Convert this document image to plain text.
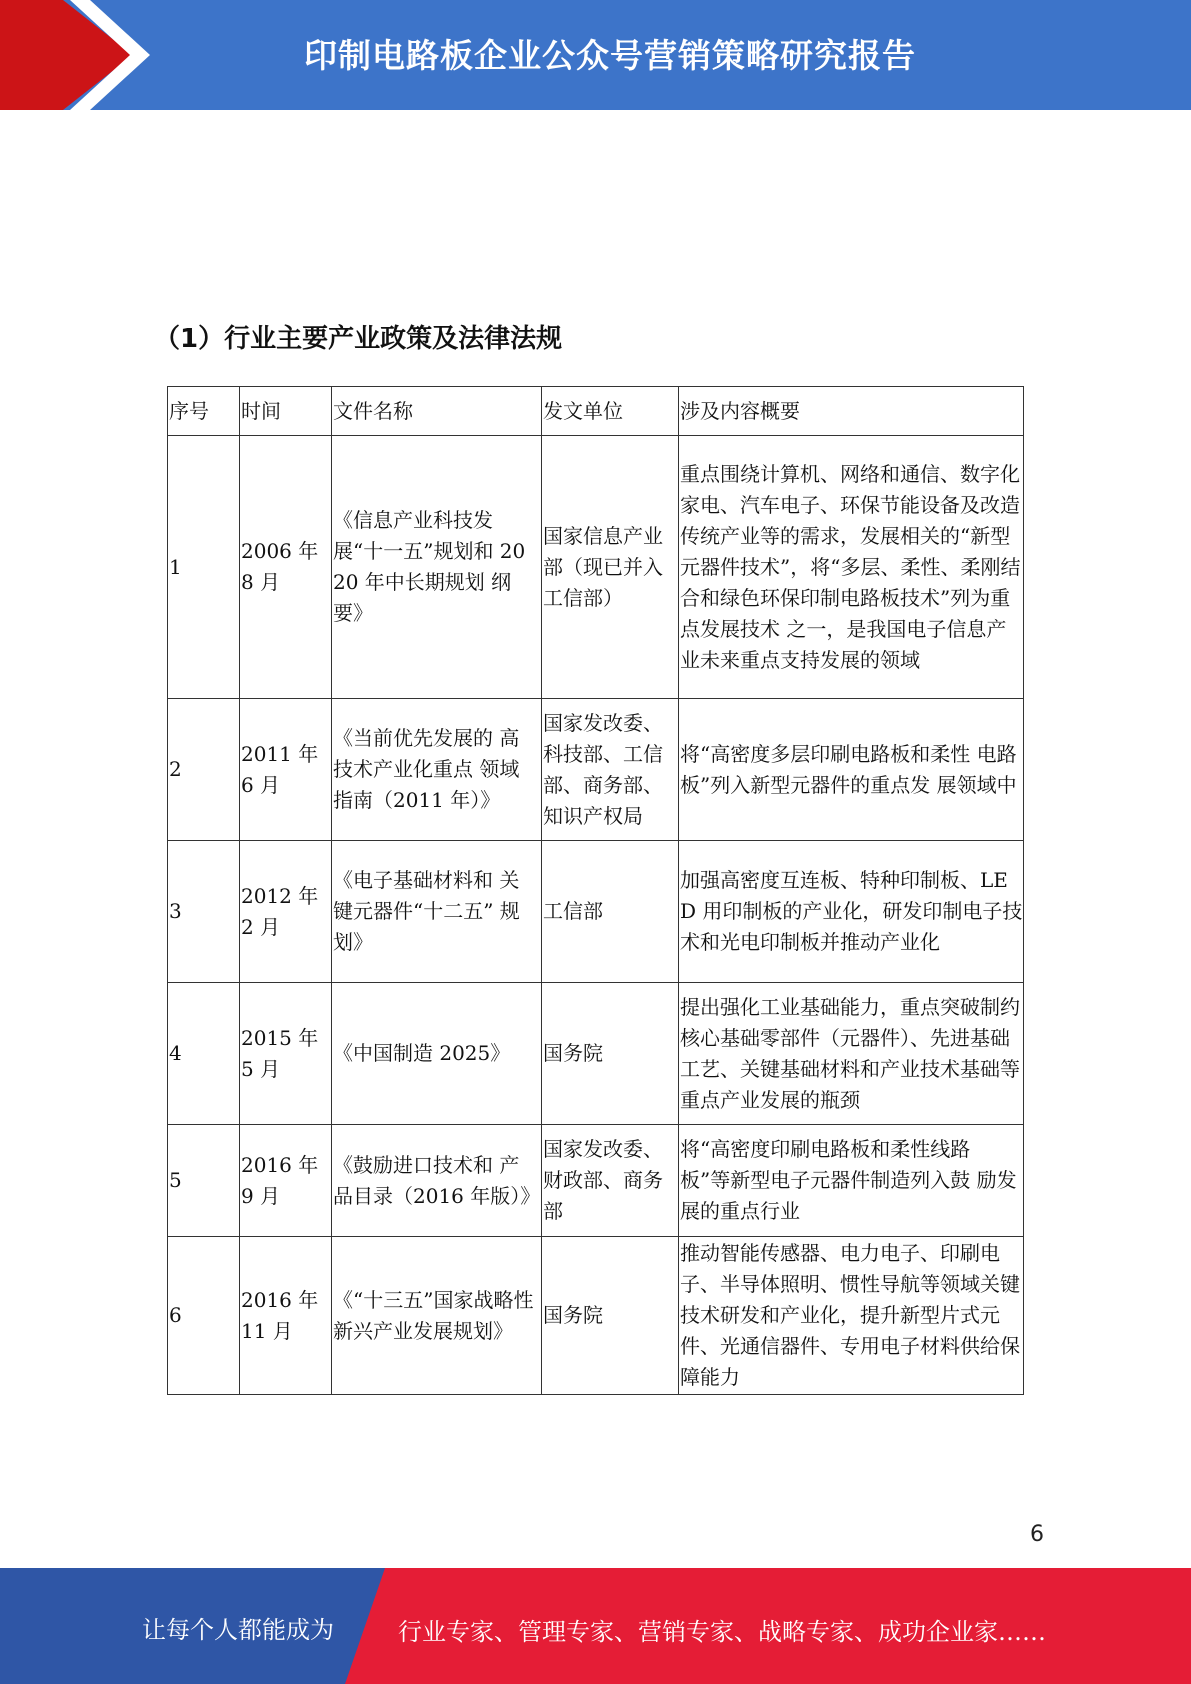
印制电路板企业公众号营销策略研究报告
（1）行业主要产业政策及法律法规
序号	时间	文件名称	发文单位	涉及内容概要
1	2006 年 8 月	《信息产业科技发 展“十一五”规划和 2020 年中长期规划 纲要》	国家信息产业部（现已并入工信部）	重点围绕计算机、网络和通信、数字化家电、汽车电子、环保节能设备及改造传统产业等的需求，发展相关的“新型元器件技术”，将“多层、柔性、柔刚结合和绿色环保印制电路板技术”列为重点发展技术 之一，是我国电子信息产业未来重点支持发展的领域
2	2011 年 6 月	《当前优先发展的 高技术产业化重点 领域指南（2011 年）》	国家发改委、科技部、工信部、商务部、知识产权局	将“高密度多层印刷电路板和柔性 电路板”列入新型元器件的重点发 展领域中
3	2012 年 2 月	《电子基础材料和 关键元器件“十二五” 规划》	工信部	加强高密度互连板、特种印制板、LED 用印制板的产业化，研发印制电子技术和光电印制板并推动产业化
4	2015 年 5 月	《中国制造 2025》	国务院	提出强化工业基础能力，重点突破制约核心基础零部件（元器件）、先进基础工艺、关键基础材料和产业技术基础等重点产业发展的瓶颈
5	2016 年 9 月	《鼓励进口技术和 产品目录（2016 年版）》	国家发改委、财政部、商务部	将“高密度印刷电路板和柔性线路 板”等新型电子元器件制造列入鼓 励发展的重点行业
6	2016 年 11 月	《“十三五”国家战略性新兴产业发展规划》	国务院	推动智能传感器、电力电子、印刷电子、半导体照明、惯性导航等领域关键技术研发和产业化，提升新型片式元件、光通信器件、专用电子材料供给保障能力
6
让每个人都能成为	行业专家、管理专家、营销专家、战略专家、成功企业家……
